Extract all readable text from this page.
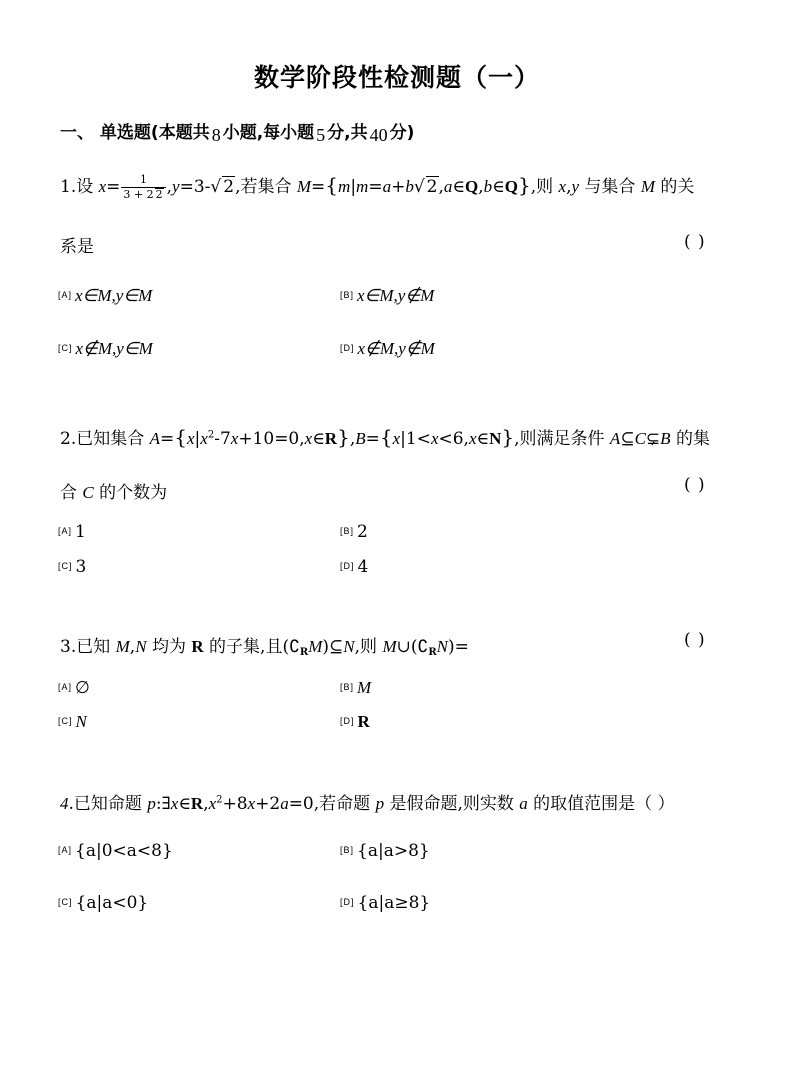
数学阶段性检测题（一）
一、 单选题(本题共 8 小题,每小题 5 分,共 40 分)
1.设 $x= \frac{1}{3 + 2 2} ,y=3-√$ 2,若集合 M={m|m=a+b√ 2,a∈Q,b∈Q},则 x,y 与集合 M 的关
系是	( )
[A] x∈M,y∈M	[B] x∈M,y∉M
[C] x∉M,y∈M	[D] x∉M,y∉M
2.已知集合 $A=\{x|x^2-7x+10=0,x\in R\},B=\{x|1<x<6,x\in N\}$,则满足条件 A⊆C⊊B 的集
合 C 的个数为	( )
[A] 1	[B] 2
[C] 3	[D] 4
3.已知 M,N 均为 R 的子集,且$(∁_RM)⊆N$,则 $M\cup(∁_RN)=$	( )
[A] ∅	[B] M
[C] N	[D] R
4.已知命题 $p:\exists x\in R,x^2+8x+2a=0$,若命题 p 是假命题,则实数 a 的取值范围是（ ）
[A] {a|0<a<8}	[B] {a|a>8}
[C] {a|a<0}	[D] {a|a≥8}
